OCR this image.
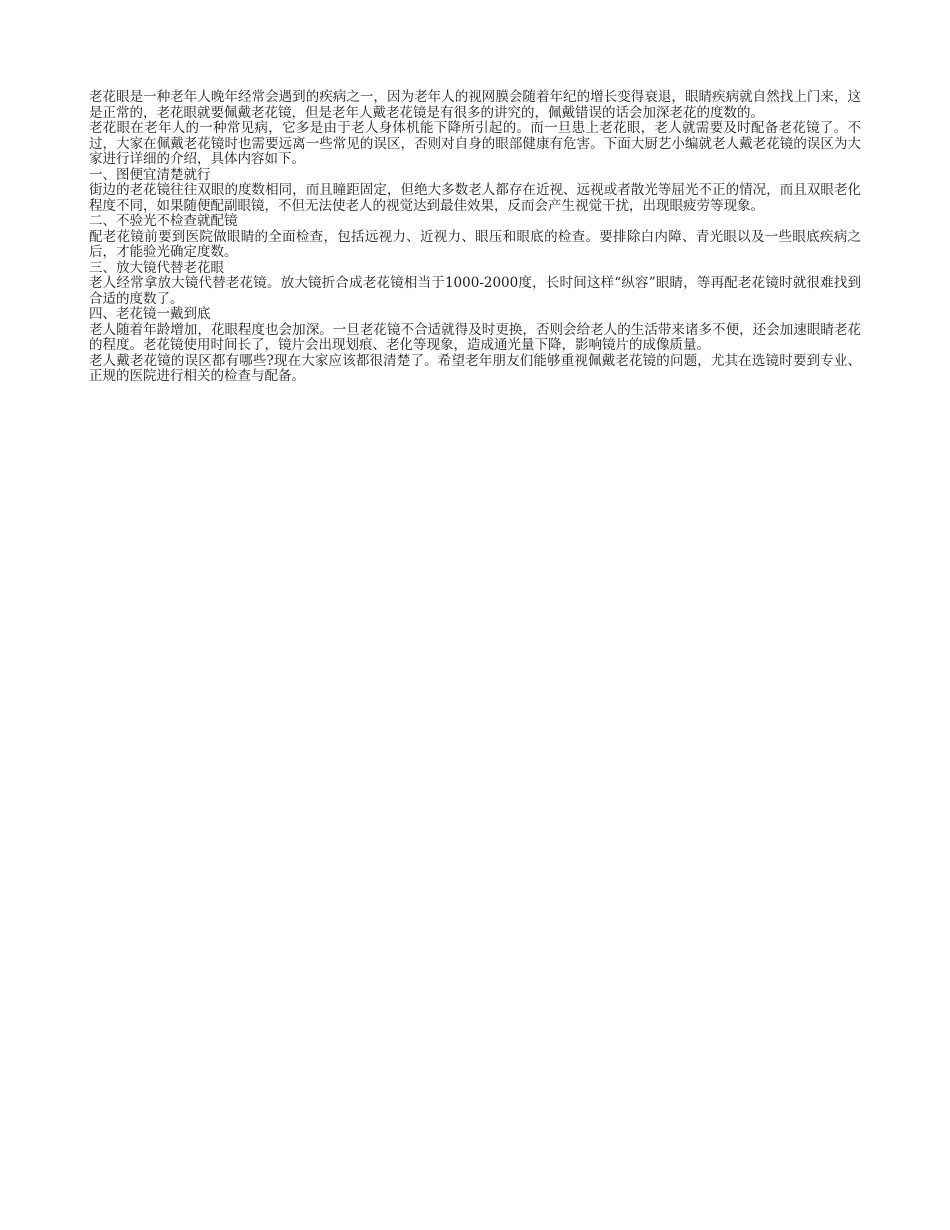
老花眼是一种老年人晚年经常会遇到的疾病之一，因为老年人的视网膜会随着年纪的增长变得衰退，眼睛疾病就自然找上门来，这是正常的，老花眼就要佩戴老花镜，但是老年人戴老花镜是有很多的讲究的，佩戴错误的话会加深老花的度数的。

老花眼在老年人的一种常见病，它多是由于老人身体机能下降所引起的。而一旦患上老花眼，老人就需要及时配备老花镜了。不过，大家在佩戴老花镜时也需要远离一些常见的误区，否则对自身的眼部健康有危害。下面大厨艺小编就老人戴老花镜的误区为大家进行详细的介绍，具体内容如下。

一、图便宜清楚就行

街边的老花镜往往双眼的度数相同，而且瞳距固定，但绝大多数老人都存在近视、远视或者散光等屈光不正的情况，而且双眼老化程度不同，如果随便配副眼镜，不但无法使老人的视觉达到最佳效果，反而会产生视觉干扰，出现眼疲劳等现象。

二、不验光不检查就配镜

配老花镜前要到医院做眼睛的全面检查，包括远视力、近视力、眼压和眼底的检查。要排除白内障、青光眼以及一些眼底疾病之后，才能验光确定度数。

三、放大镜代替老花眼

老人经常拿放大镜代替老花镜。放大镜折合成老花镜相当于1000-2000度，长时间这样“纵容”眼睛，等再配老花镜时就很难找到合适的度数了。

四、老花镜一戴到底

老人随着年龄增加，花眼程度也会加深。一旦老花镜不合适就得及时更换，否则会给老人的生活带来诸多不便，还会加速眼睛老花的程度。老花镜使用时间长了，镜片会出现划痕、老化等现象，造成通光量下降，影响镜片的成像质量。

老人戴老花镜的误区都有哪些?现在大家应该都很清楚了。希望老年朋友们能够重视佩戴老花镜的问题，尤其在选镜时要到专业、正规的医院进行相关的检查与配备。
